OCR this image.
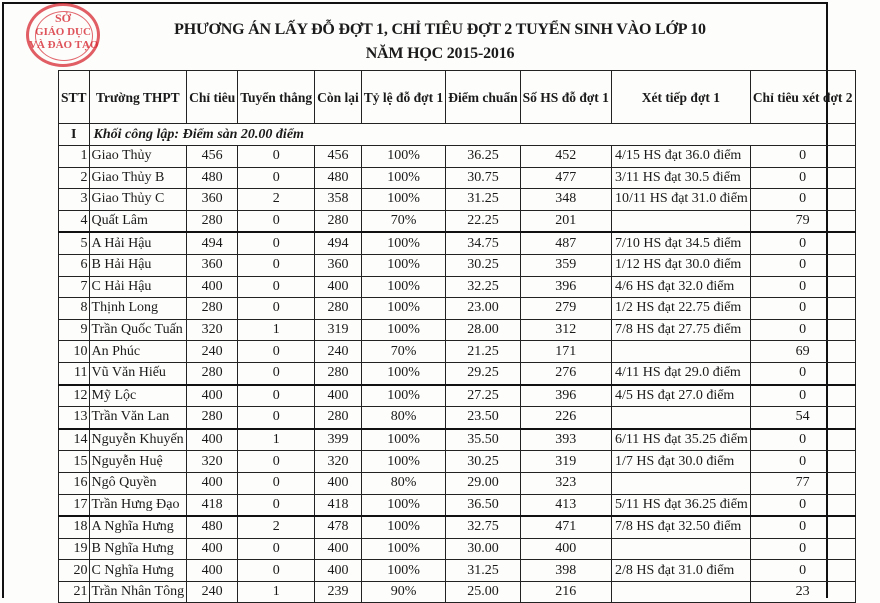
PHƯƠNG ÁN LẤY ĐỖ ĐỢT 1, CHỈ TIÊU ĐỢT 2 TUYỂN SINH VÀO LỚP 10
NĂM HỌC 2015-2016
STT	Trường THPT	Chỉ tiêu	Tuyển thẳng	Còn lại	Tỷ lệ đỗ đợt 1	Điểm chuẩn	Số HS đỗ đợt 1	Xét tiếp đợt 1	Chỉ tiêu xét đợt 2
I	Khối công lập: Điểm sàn 20.00 điểm								
1	Giao Thủy	456	0	456	100%	36.25	452	4/15 HS đạt 36.0 điểm	0
2	Giao Thủy B	480	0	480	100%	30.75	477	3/11 HS đạt 30.5 điểm	0
3	Giao Thủy C	360	2	358	100%	31.25	348	10/11 HS đạt 31.0 điểm	0
4	Quất Lâm	280	0	280	70%	22.25	201		79
5	A Hải Hậu	494	0	494	100%	34.75	487	7/10 HS đạt 34.5 điểm	0
6	B Hải Hậu	360	0	360	100%	30.25	359	1/12 HS đạt 30.0 điểm	0
7	C Hải Hậu	400	0	400	100%	32.25	396	4/6 HS đạt 32.0 điểm	0
8	Thịnh Long	280	0	280	100%	23.00	279	1/2 HS đạt 22.75 điểm	0
9	Trần Quốc Tuấn	320	1	319	100%	28.00	312	7/8 HS đạt 27.75 điểm	0
10	An Phúc	240	0	240	70%	21.25	171		69
11	Vũ Văn Hiếu	280	0	280	100%	29.25	276	4/11 HS đạt 29.0 điểm	0
12	Mỹ Lộc	400	0	400	100%	27.25	396	4/5 HS đạt 27.0 điểm	0
13	Trần Văn Lan	280	0	280	80%	23.50	226		54
14	Nguyễn Khuyến	400	1	399	100%	35.50	393	6/11 HS đạt 35.25 điểm	0
15	Nguyễn Huệ	320	0	320	100%	30.25	319	1/7 HS đạt 30.0 điểm	0
16	Ngô Quyền	400	0	400	80%	29.00	323		77
17	Trần Hưng Đạo	418	0	418	100%	36.50	413	5/11 HS đạt 36.25 điểm	0
18	A Nghĩa Hưng	480	2	478	100%	32.75	471	7/8 HS đạt 32.50 điểm	0
19	B Nghĩa Hưng	400	0	400	100%	30.00	400		0
20	C Nghĩa Hưng	400	0	400	100%	31.25	398	2/8 HS đạt 31.0 điểm	0
21	Trần Nhân Tông	240	1	239	90%	25.00	216		23
SỞ
GIÁO DỤC
VÀ ĐÀO TẠO
